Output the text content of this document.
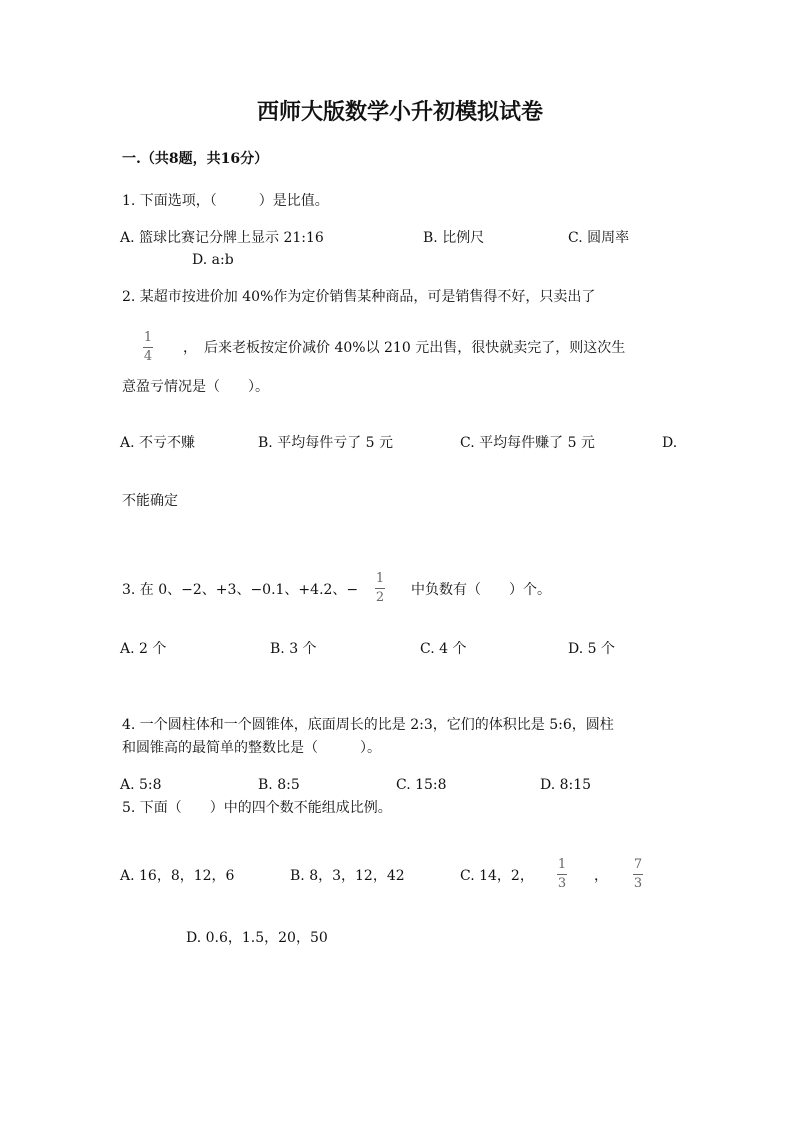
西师大版数学小升初模拟试卷
一.（共8题，共16分）
1. 下面选项，（　　　）是比值。
A. 篮球比赛记分牌上显示 21:16	B. 比例尺	C. 圆周率
D. a:b
2. 某超市按进价加 40%作为定价销售某种商品，可是销售得不好，只卖出了
1
4
，　后来老板按定价减价 40%以 210 元出售，很快就卖完了，则这次生
意盈亏情况是（　　）。
A. 不亏不赚	B. 平均每件亏了 5 元	C. 平均每件赚了 5 元	D.
不能确定
3. 在 0、−2、+3、−0.1、+4.2、−
1
2 中负数有（　　）个。
A. 2 个	B. 3 个	C. 4 个	D. 5 个
4. 一个圆柱体和一个圆锥体，底面周长的比是 2:3，它们的体积比是 5:6，圆柱
和圆锥高的最简单的整数比是（　　　）。
A. 5:8	B. 8:5	C. 15:8	D. 8:15
5. 下面（　　）中的四个数不能组成比例。
A. 16，8，12，6	B. 8，3，12，42	C. 14，2，
1
3 ，
7
3
D. 0.6，1.5，20，50
